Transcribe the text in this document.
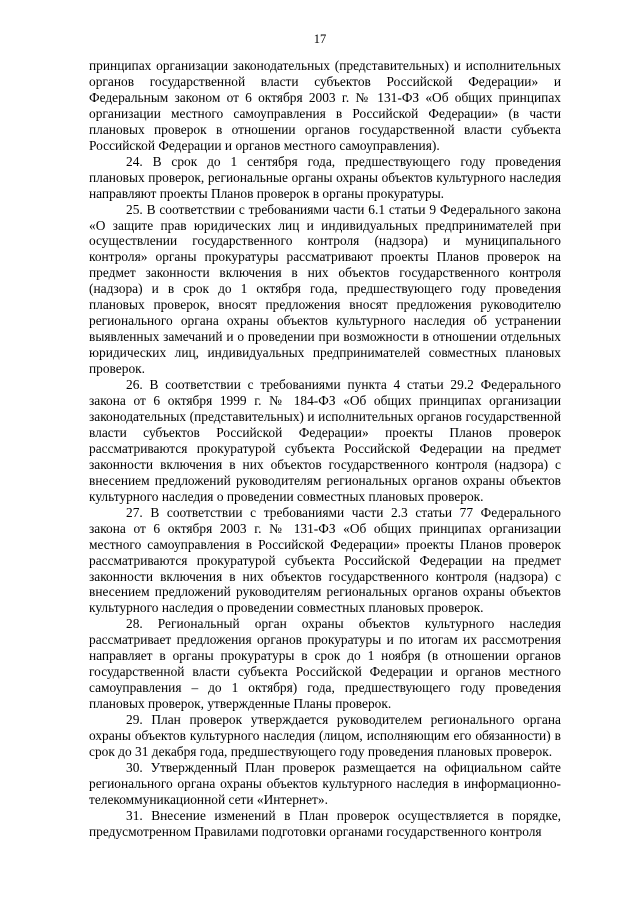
17

принципах организации законодательных (представительных) и исполнительных органов государственной власти субъектов Российской Федерации» и Федеральным законом от 6 октября 2003 г. № 131-ФЗ «Об общих принципах организации местного самоуправления в Российской Федерации» (в части плановых проверок в отношении органов государственной власти субъекта Российской Федерации и органов местного самоуправления).

24. В срок до 1 сентября года, предшествующего году проведения плановых проверок, региональные органы охраны объектов культурного наследия направляют проекты Планов проверок в органы прокуратуры.

25. В соответствии с требованиями части 6.1 статьи 9 Федерального закона «О защите прав юридических лиц и индивидуальных предпринимателей при осуществлении государственного контроля (надзора) и муниципального контроля» органы прокуратуры рассматривают проекты Планов проверок на предмет законности включения в них объектов государственного контроля (надзора) и в срок до 1 октября года, предшествующего году проведения плановых проверок, вносят предложения вносят предложения руководителю регионального органа охраны объектов культурного наследия об устранении выявленных замечаний и о проведении при возможности в отношении отдельных юридических лиц, индивидуальных предпринимателей совместных плановых проверок.

26. В соответствии с требованиями пункта 4 статьи 29.2 Федерального закона от 6 октября 1999 г. № 184-ФЗ «Об общих принципах организации законодательных (представительных) и исполнительных органов государственной власти субъектов Российской Федерации» проекты Планов проверок рассматриваются прокуратурой субъекта Российской Федерации на предмет законности включения в них объектов государственного контроля (надзора) с внесением предложений руководителям региональных органов охраны объектов культурного наследия о проведении совместных плановых проверок.

27. В соответствии с требованиями части 2.3 статьи 77 Федерального закона от 6 октября 2003 г. № 131-ФЗ «Об общих принципах организации местного самоуправления в Российской Федерации» проекты Планов проверок рассматриваются прокуратурой субъекта Российской Федерации на предмет законности включения в них объектов государственного контроля (надзора) с внесением предложений руководителям региональных органов охраны объектов культурного наследия о проведении совместных плановых проверок.

28. Региональный орган охраны объектов культурного наследия рассматривает предложения органов прокуратуры и по итогам их рассмотрения направляет в органы прокуратуры в срок до 1 ноября (в отношении органов государственной власти субъекта Российской Федерации и органов местного самоуправления – до 1 октября) года, предшествующего году проведения плановых проверок, утвержденные Планы проверок.

29. План проверок утверждается руководителем регионального органа охраны объектов культурного наследия (лицом, исполняющим его обязанности) в срок до 31 декабря года, предшествующего году проведения плановых проверок.

30. Утвержденный План проверок размещается на официальном сайте регионального органа охраны объектов культурного наследия в информационно-телекоммуникационной сети «Интернет».

31. Внесение изменений в План проверок осуществляется в порядке, предусмотренном Правилами подготовки органами государственного контроля
